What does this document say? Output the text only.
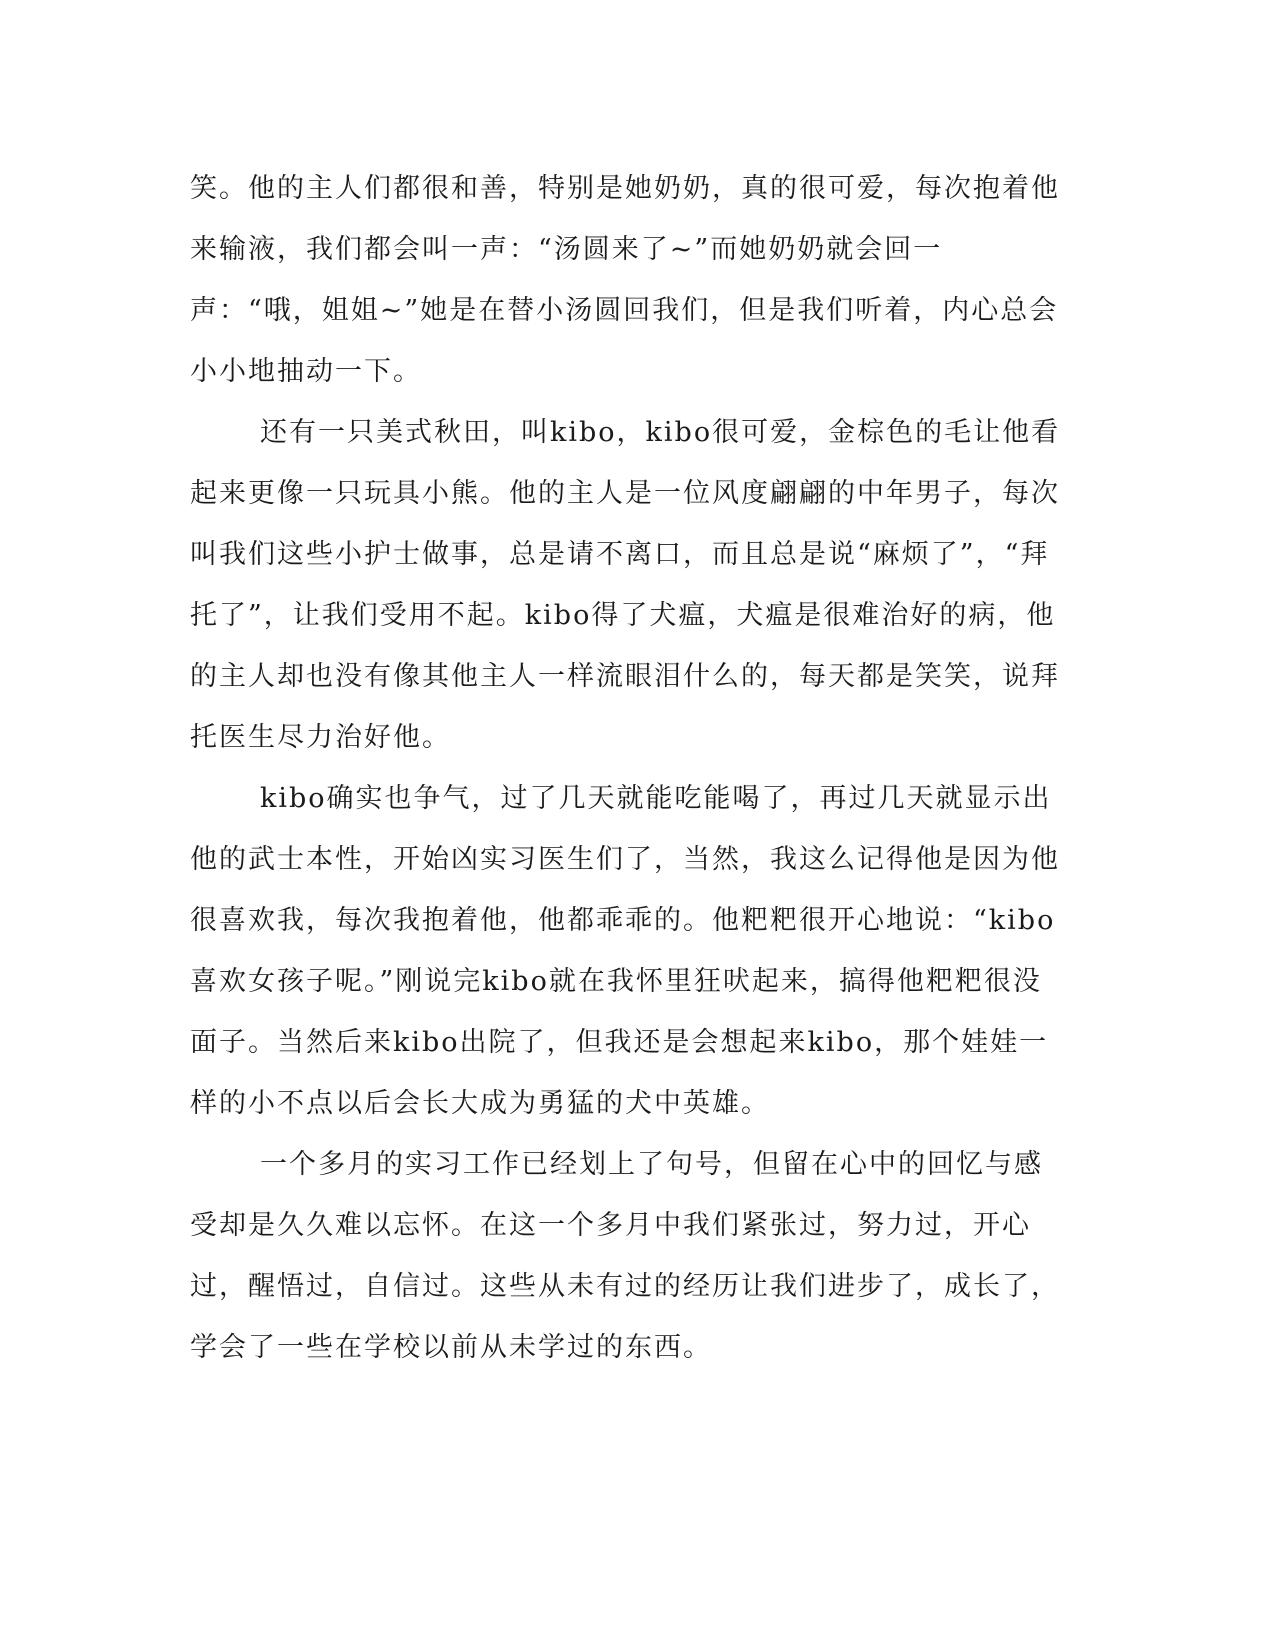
笑。他的主人们都很和善，特别是她奶奶，真的很可爱，每次抱着他来输液，我们都会叫一声：“汤圆来了~”而她奶奶就会回一声：“哦，姐姐~”她是在替小汤圆回我们，但是我们听着，内心总会小小地抽动一下。

还有一只美式秋田，叫kibo，kibo很可爱，金棕色的毛让他看起来更像一只玩具小熊。他的主人是一位风度翩翩的中年男子，每次叫我们这些小护士做事，总是请不离口，而且总是说“麻烦了”，“拜托了”，让我们受用不起。kibo得了犬瘟，犬瘟是很难治好的病，他的主人却也没有像其他主人一样流眼泪什么的，每天都是笑笑，说拜托医生尽力治好他。

kibo确实也争气，过了几天就能吃能喝了，再过几天就显示出他的武士本性，开始凶实习医生们了，当然，我这么记得他是因为他很喜欢我，每次我抱着他，他都乖乖的。他粑粑很开心地说：“kibo喜欢女孩子呢。”刚说完kibo就在我怀里狂吠起来，搞得他粑粑很没面子。当然后来kibo出院了，但我还是会想起来kibo，那个娃娃一样的小不点以后会长大成为勇猛的犬中英雄。

一个多月的实习工作已经划上了句号，但留在心中的回忆与感受却是久久难以忘怀。在这一个多月中我们紧张过，努力过，开心过，醒悟过，自信过。这些从未有过的经历让我们进步了，成长了，学会了一些在学校以前从未学过的东西。
